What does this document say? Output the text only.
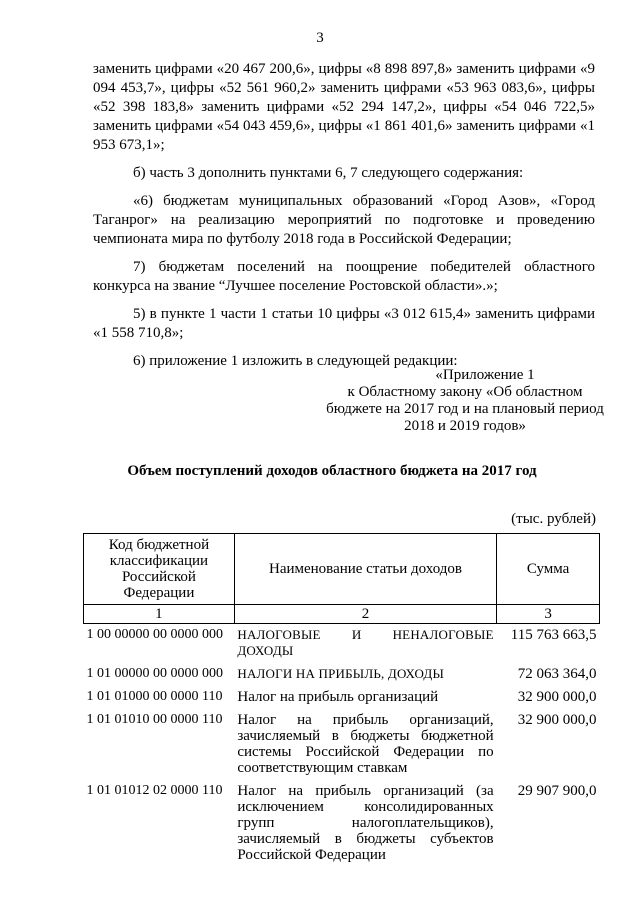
3

заменить цифрами «20 467 200,6», цифры «8 898 897,8» заменить цифрами «9 094 453,7», цифры «52 561 960,2» заменить цифрами «53 963 083,6», цифры «52 398 183,8» заменить цифрами «52 294 147,2», цифры «54 046 722,5» заменить цифрами «54 043 459,6», цифры «1 861 401,6» заменить цифрами «1 953 673,1»;

б) часть 3 дополнить пунктами 6, 7 следующего содержания:

«6) бюджетам муниципальных образований «Город Азов», «Город Таганрог» на реализацию мероприятий по подготовке и проведению чемпионата мира по футболу 2018 года в Российской Федерации;

7) бюджетам поселений на поощрение победителей областного конкурса на звание “Лучшее поселение Ростовской области».»;

5) в пункте 1 части 1 статьи 10 цифры «3 012 615,4» заменить цифрами «1 558 710,8»;

6) приложение 1 изложить в следующей редакции:

«Приложение 1
к Областному закону «Об областном бюджете на 2017 год и на плановый период 2018 и 2019 годов»
Объем поступлений доходов областного бюджета на 2017 год
(тыс. рублей)
Код бюджетной классификации Российской Федерации	Наименование статьи доходов	Сумма
1	2	3
1 00 00000 00 0000 000	НАЛОГОВЫЕ И НЕНАЛОГОВЫЕ ДОХОДЫ	115 763 663,5
1 01 00000 00 0000 000	НАЛОГИ НА ПРИБЫЛЬ, ДОХОДЫ	72 063 364,0
1 01 01000 00 0000 110	Налог на прибыль организаций	32 900 000,0
1 01 01010 00 0000 110	Налог на прибыль организаций, зачисляемый в бюджеты бюджетной системы Российской Федерации по соответствующим ставкам	32 900 000,0
1 01 01012 02 0000 110	Налог на прибыль организаций (за исключением консолидированных групп налогоплательщиков), зачисляемый в бюджеты субъектов Российской Федерации	29 907 900,0
